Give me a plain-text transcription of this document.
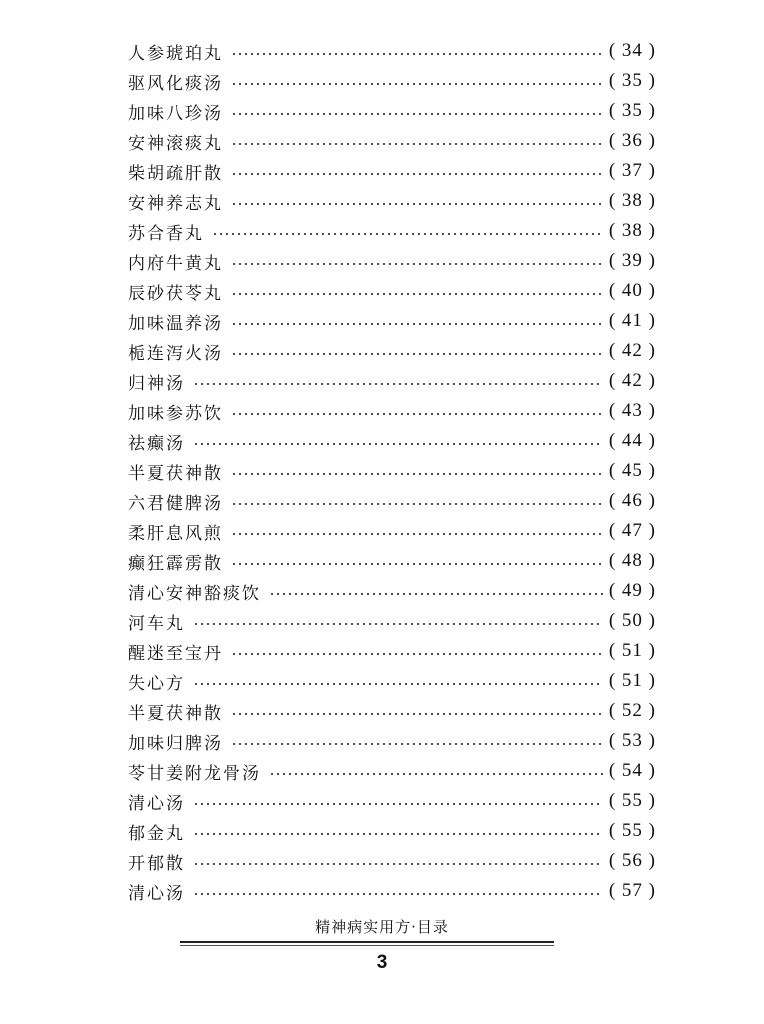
人参琥珀丸	( 34 )
驱风化痰汤	( 35 )
加味八珍汤	( 35 )
安神滚痰丸	( 36 )
柴胡疏肝散	( 37 )
安神养志丸	( 38 )
苏合香丸	( 38 )
内府牛黄丸	( 39 )
辰砂茯苓丸	( 40 )
加味温养汤	( 41 )
栀连泻火汤	( 42 )
归神汤	( 42 )
加味参苏饮	( 43 )
祛癫汤	( 44 )
半夏茯神散	( 45 )
六君健脾汤	( 46 )
柔肝息风煎	( 47 )
癫狂霹雳散	( 48 )
清心安神豁痰饮	( 49 )
河车丸	( 50 )
醒迷至宝丹	( 51 )
失心方	( 51 )
半夏茯神散	( 52 )
加味归脾汤	( 53 )
苓甘姜附龙骨汤	( 54 )
清心汤	( 55 )
郁金丸	( 55 )
开郁散	( 56 )
清心汤	( 57 )
精神病实用方·目录
3
